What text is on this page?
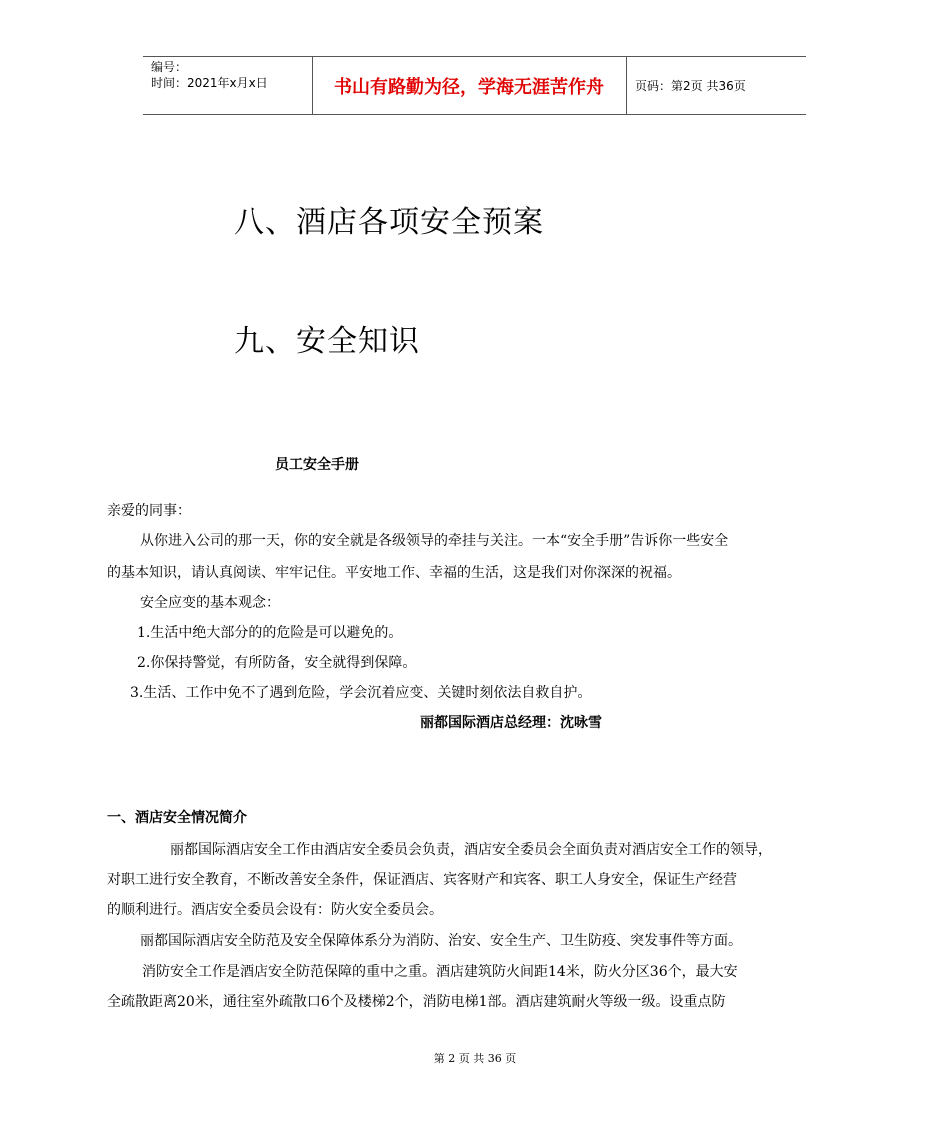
编号：
时间：2021年x月x日	书山有路勤为径，学海无涯苦作舟	页码：第2页 共36页
八、酒店各项安全预案
九、安全知识
员工安全手册
亲爱的同事：
从你进入公司的那一天，你的安全就是各级领导的牵挂与关注。一本“安全手册”告诉你一些安全
的基本知识，请认真阅读、牢牢记住。平安地工作、幸福的生活，这是我们对你深深的祝福。
安全应变的基本观念：
1.生活中绝大部分的的危险是可以避免的。
2.你保持警觉，有所防备，安全就得到保障。
3.生活、工作中免不了遇到危险，学会沉着应变、关键时刻依法自救自护。
丽都国际酒店总经理：沈咏雪
一、酒店安全情况简介
丽都国际酒店安全工作由酒店安全委员会负责，酒店安全委员会全面负责对酒店安全工作的领导，
对职工进行安全教育，不断改善安全条件，保证酒店、宾客财产和宾客、职工人身安全，保证生产经营
的顺利进行。酒店安全委员会设有：防火安全委员会。
丽都国际酒店安全防范及安全保障体系分为消防、治安、安全生产、卫生防疫、突发事件等方面。
消防安全工作是酒店安全防范保障的重中之重。酒店建筑防火间距14米，防火分区36个，最大安
全疏散距离20米，通往室外疏散口6个及楼梯2个，消防电梯1部。酒店建筑耐火等级一级。设重点防
第 2 页 共 36 页
